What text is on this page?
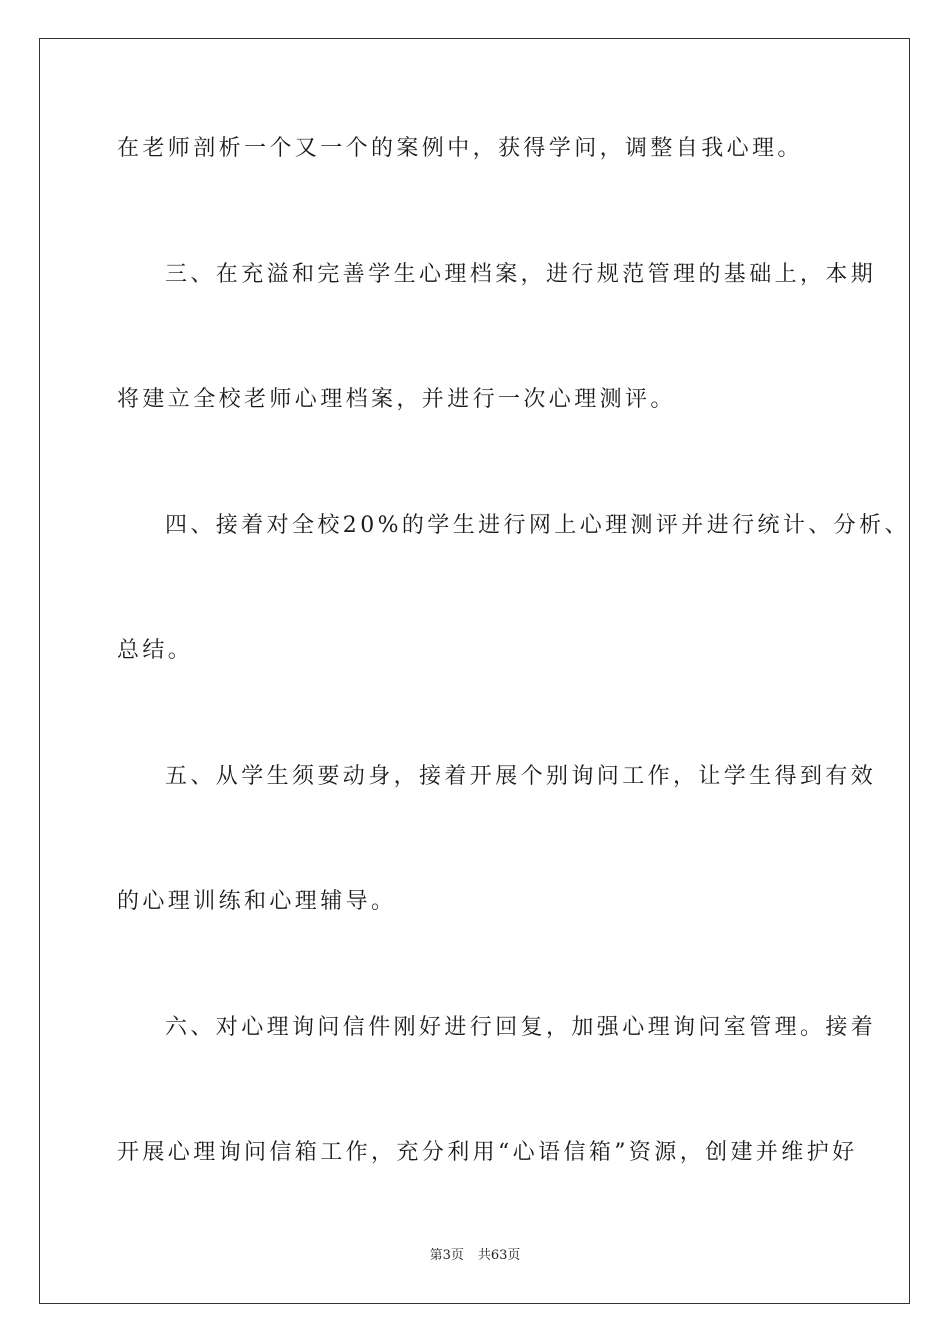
在老师剖析一个又一个的案例中，获得学问，调整自我心理。
三、在充溢和完善学生心理档案，进行规范管理的基础上，本期
将建立全校老师心理档案，并进行一次心理测评。
四、接着对全校20%的学生进行网上心理测评并进行统计、分析、
总结。
五、从学生须要动身，接着开展个别询问工作，让学生得到有效
的心理训练和心理辅导。
六、对心理询问信件刚好进行回复，加强心理询问室管理。接着
开展心理询问信箱工作，充分利用“心语信箱”资源，创建并维护好
第3页 共63页
